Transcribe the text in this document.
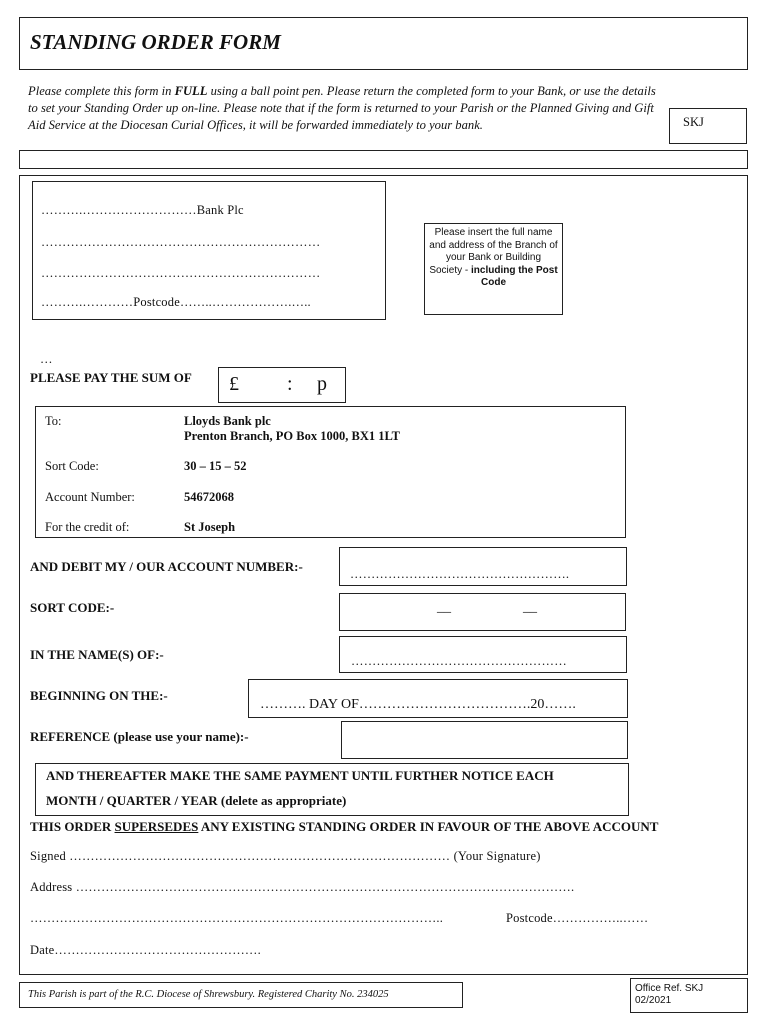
STANDING ORDER FORM
Please complete this form in FULL using a ball point pen. Please return the completed form to your Bank, or use the details to set your Standing Order up on-line. Please note that if the form is returned to your Parish or the Planned Giving and Gift Aid Service at the Diocesan Curial Offices, it will be forwarded immediately to your bank.	SKJ
……….………………………Bank Plc
…………………………………………………………
…………………………………………………………
……….…………Postcode……..……………….…..
Please insert the full name and address of the Branch of your Bank or Building Society - including the Post Code
…
PLEASE PAY THE SUM OF £ : p
To:	Lloyds Bank plc
Prenton Branch, PO Box 1000, BX1 1LT
Sort Code:	30 – 15 – 52
Account Number:	54672068
For the credit of:	St Joseph
AND DEBIT MY / OUR ACCOUNT NUMBER:-	…………………………………………….
SORT CODE:-	__	__
IN THE NAME(S) OF:-	……………………………………………
BEGINNING ON THE:-
………. DAY OF……………………………….20…….
REFERENCE (please use your name):-
AND THEREAFTER MAKE THE SAME PAYMENT UNTIL FURTHER NOTICE EACH
MONTH / QUARTER / YEAR (delete as appropriate)
THIS ORDER SUPERSEDES ANY EXISTING STANDING ORDER IN FAVOUR OF THE ABOVE ACCOUNT
Signed ……………………………………………………………………………… (Your Signature)
Address ……………………………………………………………………………………………………….
……………………………………………………………………………………..	Postcode……………..……
Date………………………………………….
This Parish is part of the R.C. Diocese of Shrewsbury. Registered Charity No. 234025
Office Ref. SKJ
02/2021
